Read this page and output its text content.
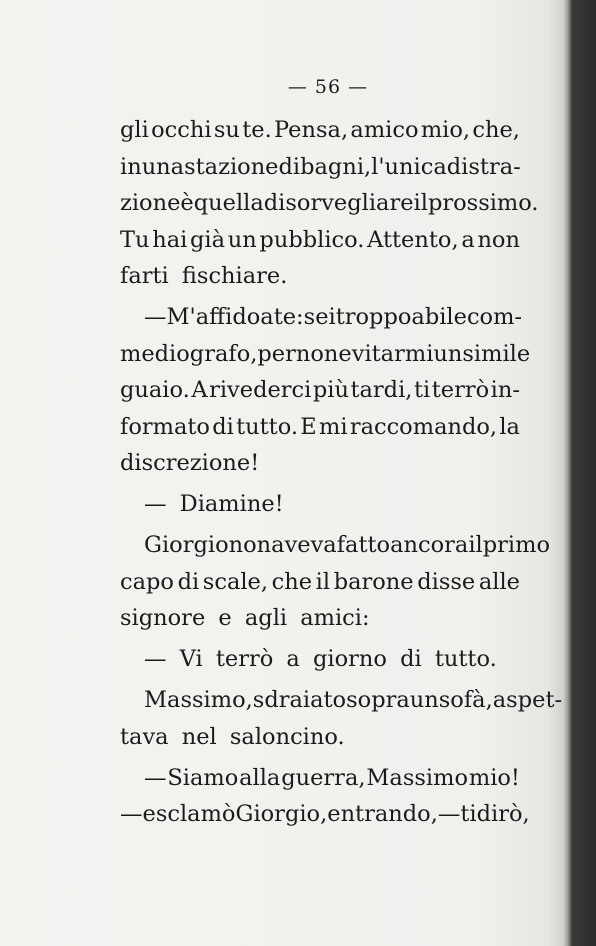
— 56 —
gli occhi su te. Pensa, amico mio, che,
in una stazione di bagni, l'unica distra-
zione è quella di sorvegliare il prossimo.
Tu hai già un pubblico. Attento, a non
farti fischiare.
— M'affido a te: sei troppo abile com-
mediografo, per non evitarmi un simile
guaio. A rivederci più tardi, ti terrò in-
formato di tutto. E mi raccomando, la
discrezione!
— Diamine!
Giorgio non aveva fatto ancora il primo
capo di scale, che il barone disse alle
signore e agli amici:
— Vi terrò a giorno di tutto.
Massimo, sdraiato sopra un sofà, aspet-
tava nel saloncino.
— Siamo alla guerra, Massimo mio!
— esclamò Giorgio, entrando, — ti dirò,
